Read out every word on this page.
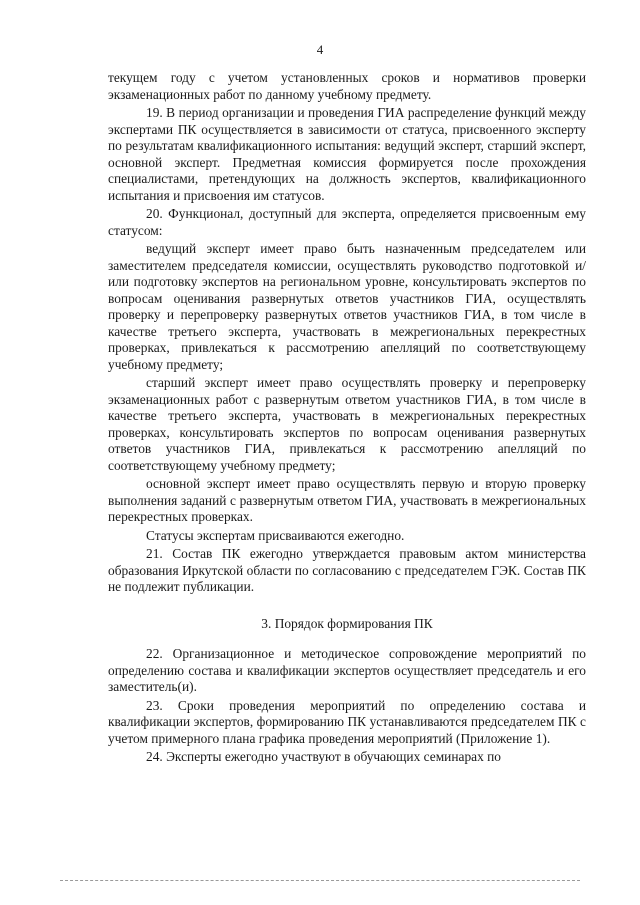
4

текущем году с учетом установленных сроков и нормативов проверки экзаменационных работ по данному учебному предмету.

19. В период организации и проведения ГИА распределение функций между экспертами ПК осуществляется в зависимости от статуса, присвоенного эксперту по результатам квалификационного испытания: ведущий эксперт, старший эксперт, основной эксперт. Предметная комиссия формируется после прохождения специалистами, претендующих на должность экспертов, квалификационного испытания и присвоения им статусов.

20. Функционал, доступный для эксперта, определяется присвоенным ему статусом:

ведущий эксперт имеет право быть назначенным председателем или заместителем председателя комиссии, осуществлять руководство подготовкой и/или подготовку экспертов на региональном уровне, консультировать экспертов по вопросам оценивания развернутых ответов участников ГИА, осуществлять проверку и перепроверку развернутых ответов участников ГИА, в том числе в качестве третьего эксперта, участвовать в межрегиональных перекрестных проверках, привлекаться к рассмотрению апелляций по соответствующему учебному предмету;

старший эксперт имеет право осуществлять проверку и перепроверку экзаменационных работ с развернутым ответом участников ГИА, в том числе в качестве третьего эксперта, участвовать в межрегиональных перекрестных проверках, консультировать экспертов по вопросам оценивания развернутых ответов участников ГИА, привлекаться к рассмотрению апелляций по соответствующему учебному предмету;

основной эксперт имеет право осуществлять первую и вторую проверку выполнения заданий с развернутым ответом ГИА, участвовать в межрегиональных перекрестных проверках.

Статусы экспертам присваиваются ежегодно.

21. Состав ПК ежегодно утверждается правовым актом министерства образования Иркутской области по согласованию с председателем ГЭК. Состав ПК не подлежит публикации.

3. Порядок формирования ПК

22. Организационное и методическое сопровождение мероприятий по определению состава и квалификации экспертов осуществляет председатель и его заместитель(и).

23. Сроки проведения мероприятий по определению состава и квалификации экспертов, формированию ПК устанавливаются председателем ПК с учетом примерного плана графика проведения мероприятий (Приложение 1).

24. Эксперты ежегодно участвуют в обучающих семинарах по
